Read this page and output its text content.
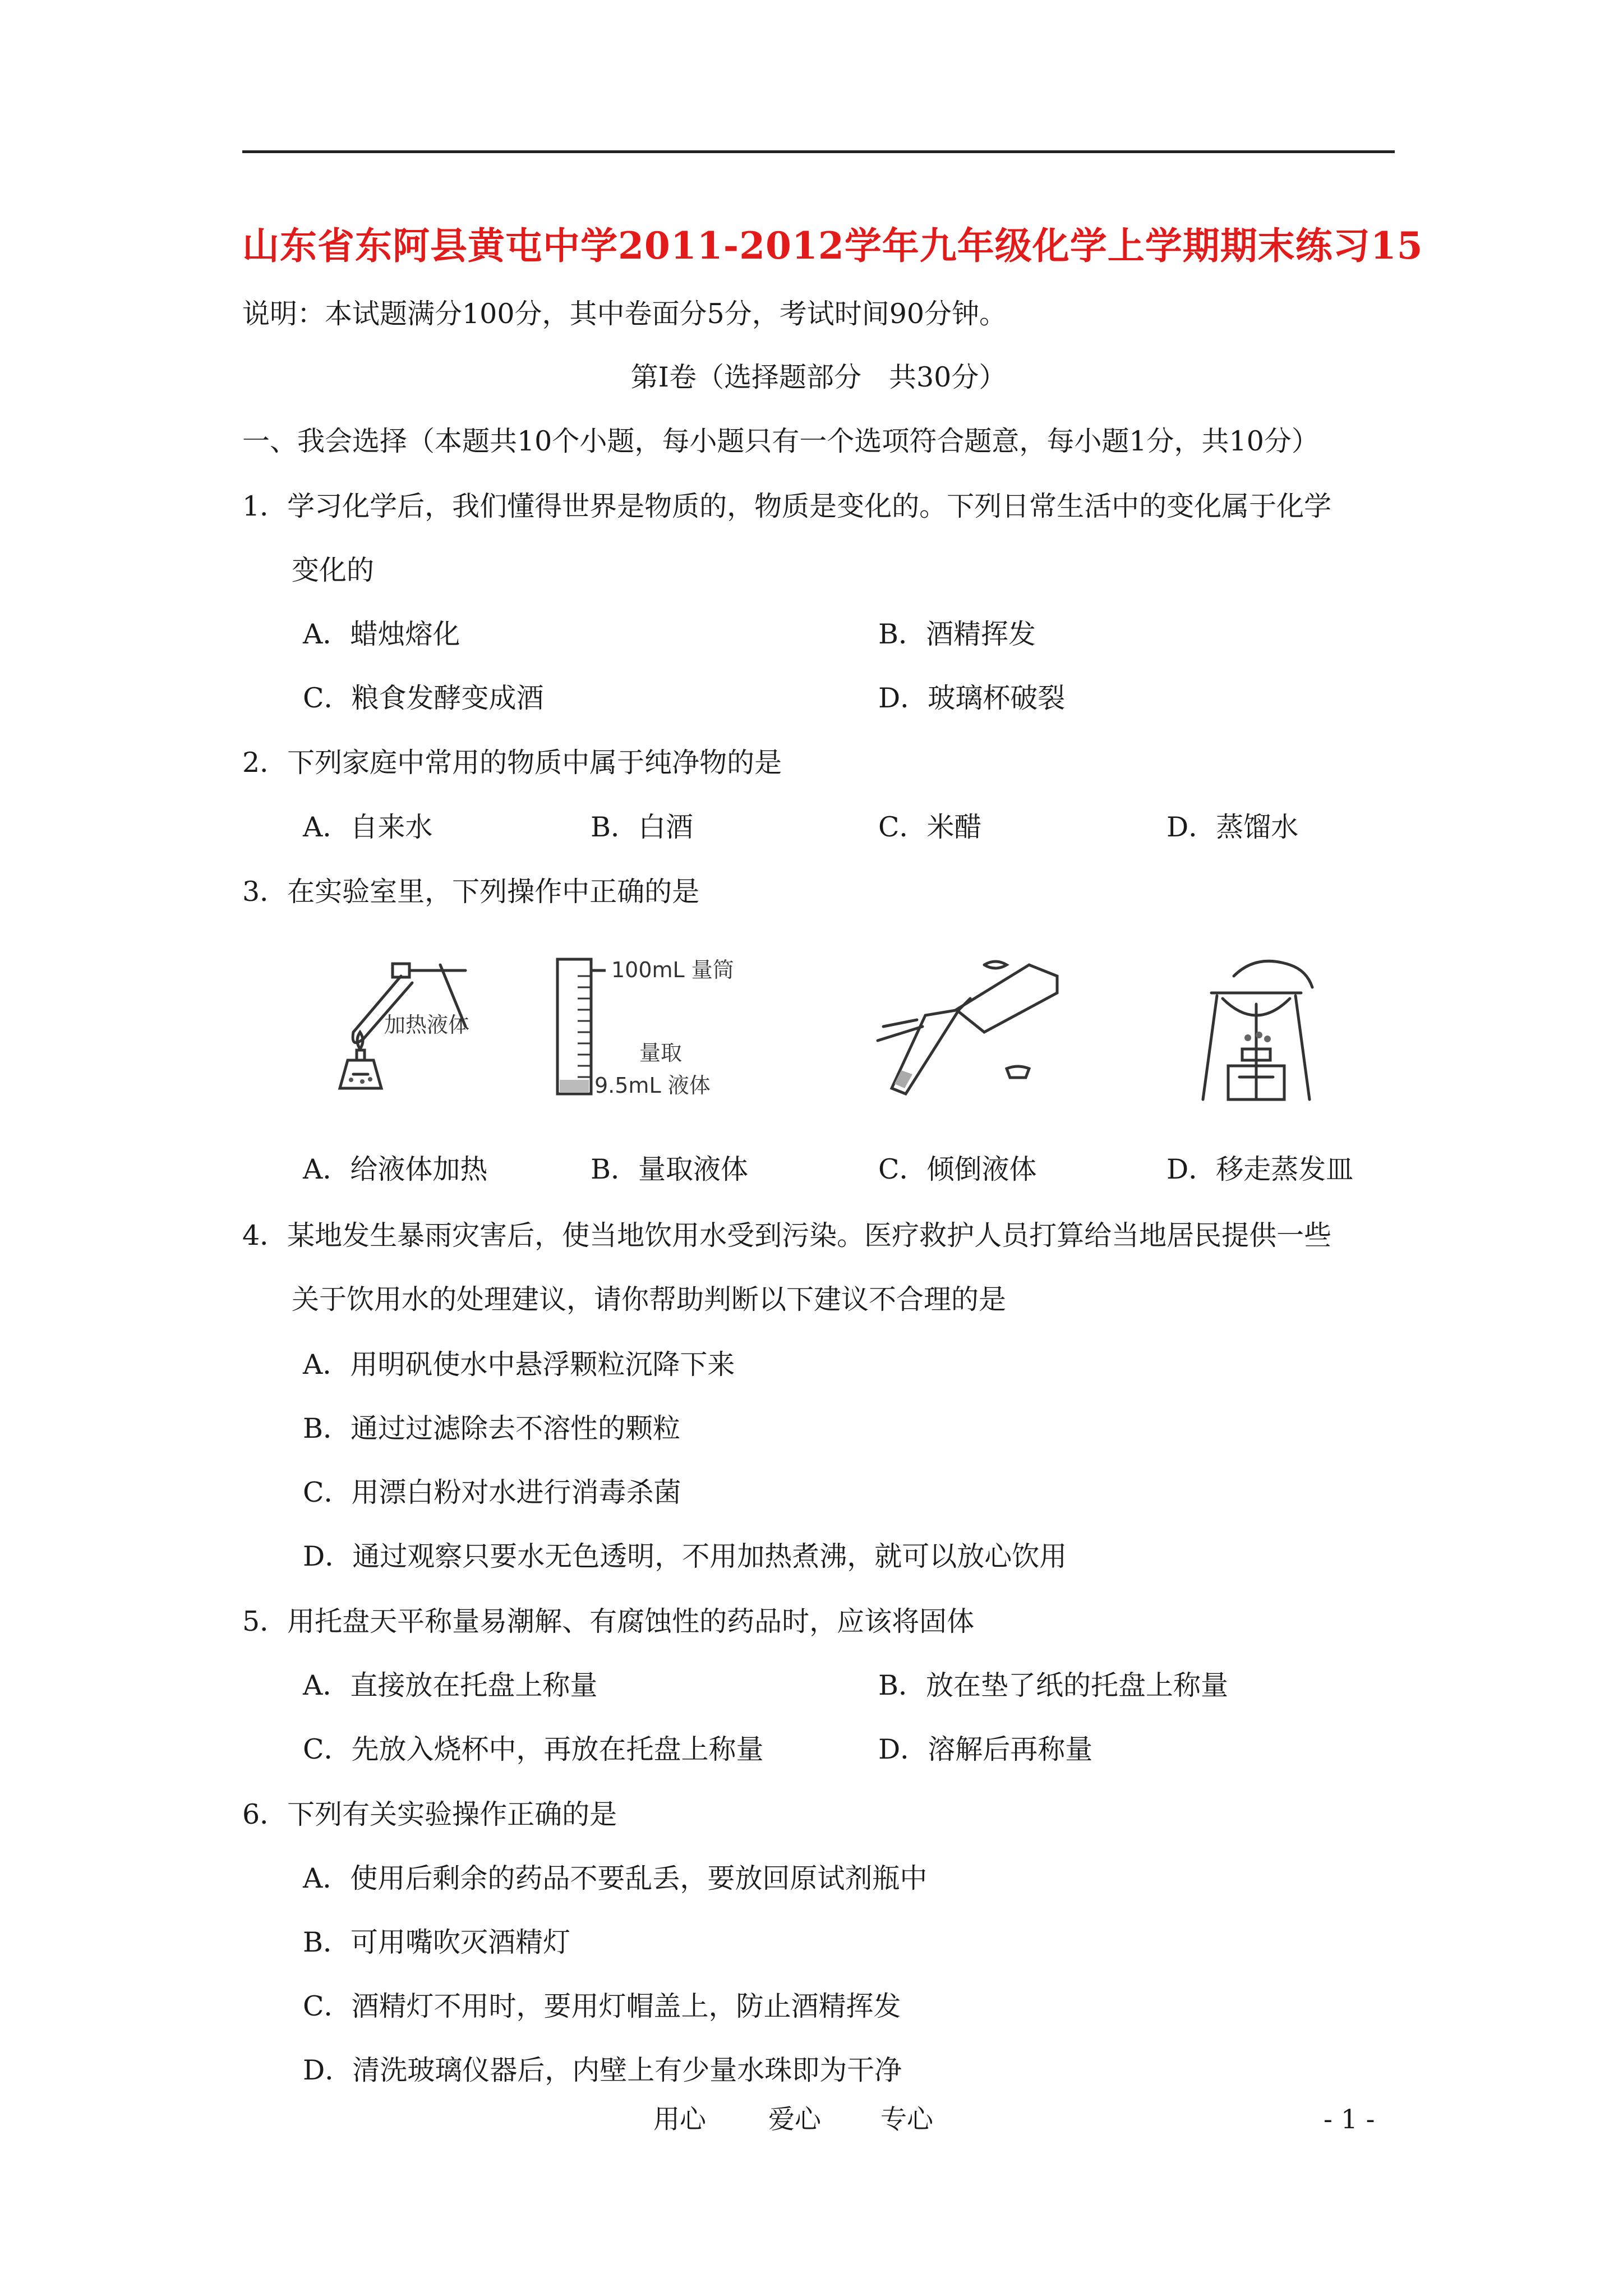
山东省东阿县黄屯中学2011-2012学年九年级化学上学期期末练习15
说明：本试题满分100分，其中卷面分5分，考试时间90分钟。
第Ⅰ卷（选择题部分　共30分）
一、我会选择（本题共10个小题，每小题只有一个选项符合题意，每小题1分，共10分）
1．学习化学后，我们懂得世界是物质的，物质是变化的。下列日常生活中的变化属于化学
变化的
A．蜡烛熔化	B．酒精挥发
C．粮食发酵变成酒	D．玻璃杯破裂
2．下列家庭中常用的物质中属于纯净物的是
A．自来水	B．白酒	C．米醋	D．蒸馏水
3．在实验室里，下列操作中正确的是
加热液体
100mL 量筒
量取
9.5mL 液体
A．给液体加热	B．量取液体	C．倾倒液体	D．移走蒸发皿
4．某地发生暴雨灾害后，使当地饮用水受到污染。医疗救护人员打算给当地居民提供一些
关于饮用水的处理建议，请你帮助判断以下建议不合理的是
A．用明矾使水中悬浮颗粒沉降下来
B．通过过滤除去不溶性的颗粒
C．用漂白粉对水进行消毒杀菌
D．通过观察只要水无色透明，不用加热煮沸，就可以放心饮用
5．用托盘天平称量易潮解、有腐蚀性的药品时，应该将固体
A．直接放在托盘上称量	B．放在垫了纸的托盘上称量
C．先放入烧杯中，再放在托盘上称量	D．溶解后再称量
6．下列有关实验操作正确的是
A．使用后剩余的药品不要乱丢，要放回原试剂瓶中
B．可用嘴吹灭酒精灯
C．酒精灯不用时，要用灯帽盖上，防止酒精挥发
D．清洗玻璃仪器后，内壁上有少量水珠即为干净
用心 爱心 专心	- 1 -
